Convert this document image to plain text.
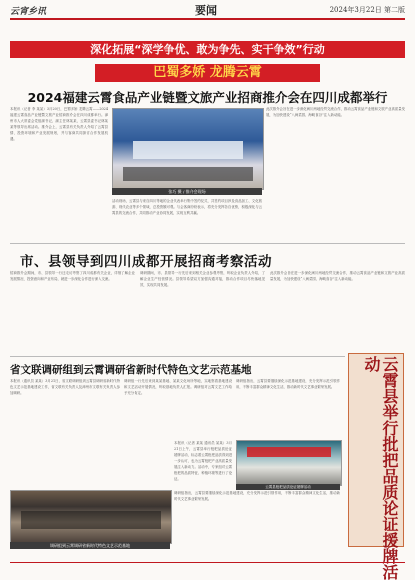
云宵乡讯	要闻	2024年3月22日 第二版
深化拓展“深学争优、敢为争先、实干争效”行动
巴蜀多娇 龙腾云霄
2024福建云霄食品产业链暨文旅产业招商推介会在四川成都举行
本报讯（记者 李 某某）3月20日，巴蜀多娇 龙腾云霄——2024福建云霄食品产业链暨文旅产业招商推介会在四川成都举行。漳州市人大常委会党组副书记、副主任林某某，云霄县委书记林某某等领导出席活动。推介会上，云霄县有关负责人介绍了云霄县情、投资环境和产业发展规划，并与客商共同探讨合作发展机遇。
张巧 摄 / 推介会现场
活动现场，云霄县与来自四川等地的企业代表举行集中签约仪式，共签约项目涉及食品加工、文化旅游、现代农业等多个领域，总投资额可观。与会客商纷纷表示，将充分发挥各自优势，积极深化与云霄县的交流合作，共同推动产业协同发展，实现互利共赢。
此次推介会旨在进一步深化闽川两地经贸交流合作，推动云霄食品产业链和文旅产业高质量发展，为加快建设“八闽菜园、海峡食谷”注入新动能。
市、县领导到四川成都开展招商考察活动
招商推介会期间，市、县领导一行还走访考察了四川成都有关企业，详细了解企业发展情况、投资意向和产业布局，就进一步深化合作进行深入交流。
调研期间，市、县领导一行先后来到相关企业参观考察，听取企业负责人介绍，了解企业生产经营情况。县领导希望双方加强沟通对接，推动合作项目尽快落地见效，实现共同发展。
此次推介会旨在进一步深化闽川两地经贸交流合作，推动云霄食品产业链和文旅产业高质量发展，为加快建设“八闽菜园、海峡食谷”注入新动能。
省文联调研组到云霄调研省新时代特色文艺示范基地
本报讯（通讯员 某某）3月21日，省文联调研组到云霄县调研省新时代特色文艺示范基地建设工作，省文联有关负责人及漳州市文联有关负责人参加调研。
调研组一行先后来到某某基地、某某文化场所等地，实地察看基地建设和文艺活动开展情况，听取基地负责人汇报。调研组对云霄文艺工作给予充分肯定。
调研组指出，云霄县要继续深化示范基地建设，充分发挥示范引领作用，不断丰富群众精神文化生活，推动新时代文艺事业繁荣发展。
调研组到云霄调研省新时代特色文艺示范基地
调研组指出，云霄县要继续深化示范基地建设，充分发挥示范引领作用，不断丰富群众精神文化生活，推动新时代文艺事业繁荣发展。	云霄县举行批把品质论证援牌活动
云霄县枇杷品质论证援牌活动
本报讯（记者 某某 通讯员 某某）3月21日上午，云霄县举行枇杷品质论证援牌活动，标志着云霄枇杷品质得到进一步认可，也为云霄枇杷产业高质量发展注入新动力。活动中，专家组对云霄枇杷的品质特征、种植环境等进行了论证。
